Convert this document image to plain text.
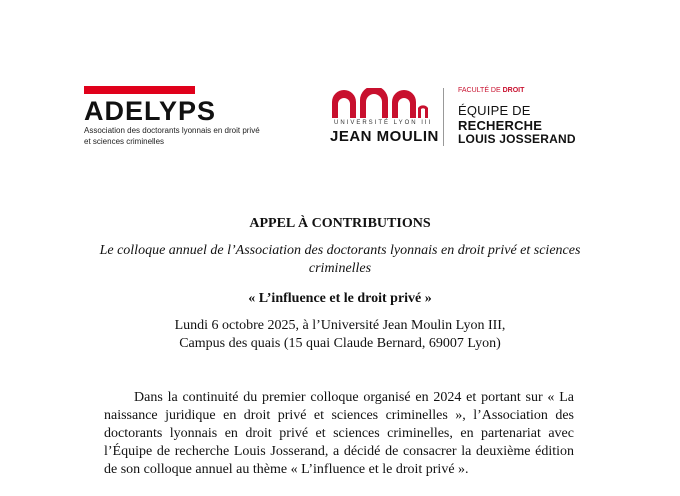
ADELYPS
Association des doctorants lyonnais en droit privé
et sciences criminelles
UNIVERSITÉ LYON III
JEAN MOULIN
FACULTÉ DE DROIT
ÉQUIPE DE
RECHERCHE
LOUIS JOSSERAND
APPEL À CONTRIBUTIONS
Le colloque annuel de l’Association des doctorants lyonnais en droit privé et sciences criminelles
« L’influence et le droit privé »
Lundi 6 octobre 2025, à l’Université Jean Moulin Lyon III,
Campus des quais (15 quai Claude Bernard, 69007 Lyon)
Dans la continuité du premier colloque organisé en 2024 et portant sur « La naissance juridique en droit privé et sciences criminelles », l’Association des doctorants lyonnais en droit privé et sciences criminelles, en partenariat avec l’Équipe de recherche Louis Josserand, a décidé de consacrer la deuxième édition de son colloque annuel au thème « L’influence et le droit privé ».
